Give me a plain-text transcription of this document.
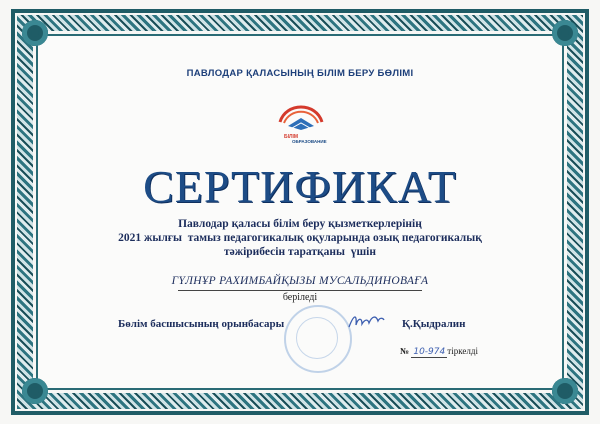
ПАВЛОДАР ҚАЛАСЫНЫҢ БІЛІМ БЕРУ БӨЛІМІ
БІЛІМ
ОБРАЗОВАНИЕ
СЕРТИФИКАТ
Павлодар қаласы білім беру қызметкерлерінің
2021 жылғы  тамыз педагогикалық оқуларында озық педагогикалық
тәжірибесін таратқаны  үшін
ГҮЛНҰР РАХИМБАЙҚЫЗЫ МУСАЛЬДИНОВАҒА
беріледі
Бөлім басшысының орынбасары	Қ.Қыдралин
№ 10-974 тіркелді
